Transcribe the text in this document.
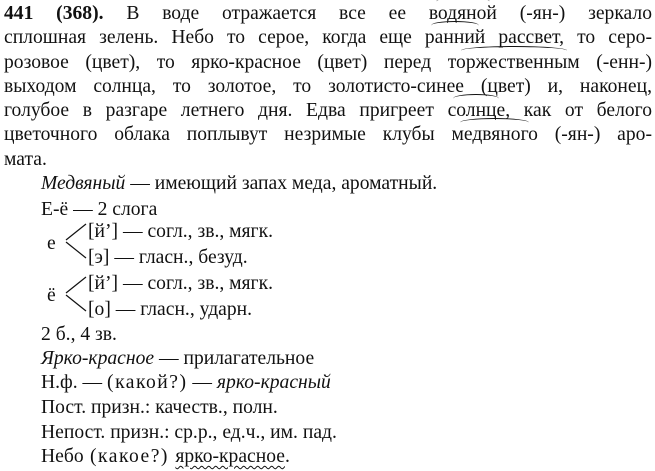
441 (368). В воде отражается все ее водяной (-ян-) зеркало
сплошная зелень. Небо то серое, когда еще ранний рассвет, то серо-
розовое (цвет), то ярко-красное (цвет) перед торжественным (-енн-)
выходом солнца, то золотое, то золотисто-синее (цвет) и, наконец,
голубое в разгаре летнего дня. Едва пригреет солнце, как от белого
цветочного облака поплывут незримые клубы медвяного (-ян-) аро-
мата.
Медвяный — имеющий запах меда, ароматный.
Е-ё — 2 слога
е
[й’] — согл., зв., мягк.
[э] — гласн., безуд.
ё
[й’] — согл., зв., мягк.
[о] — гласн., ударн.
2 б., 4 зв.
Ярко-красное — прилагательное
Н.ф. — (какой?) — ярко-красный
Пост. призн.: качеств., полн.
Непост. призн.: ср.р., ед.ч., им. пад.
Небо (какое?) ярко-красное.
